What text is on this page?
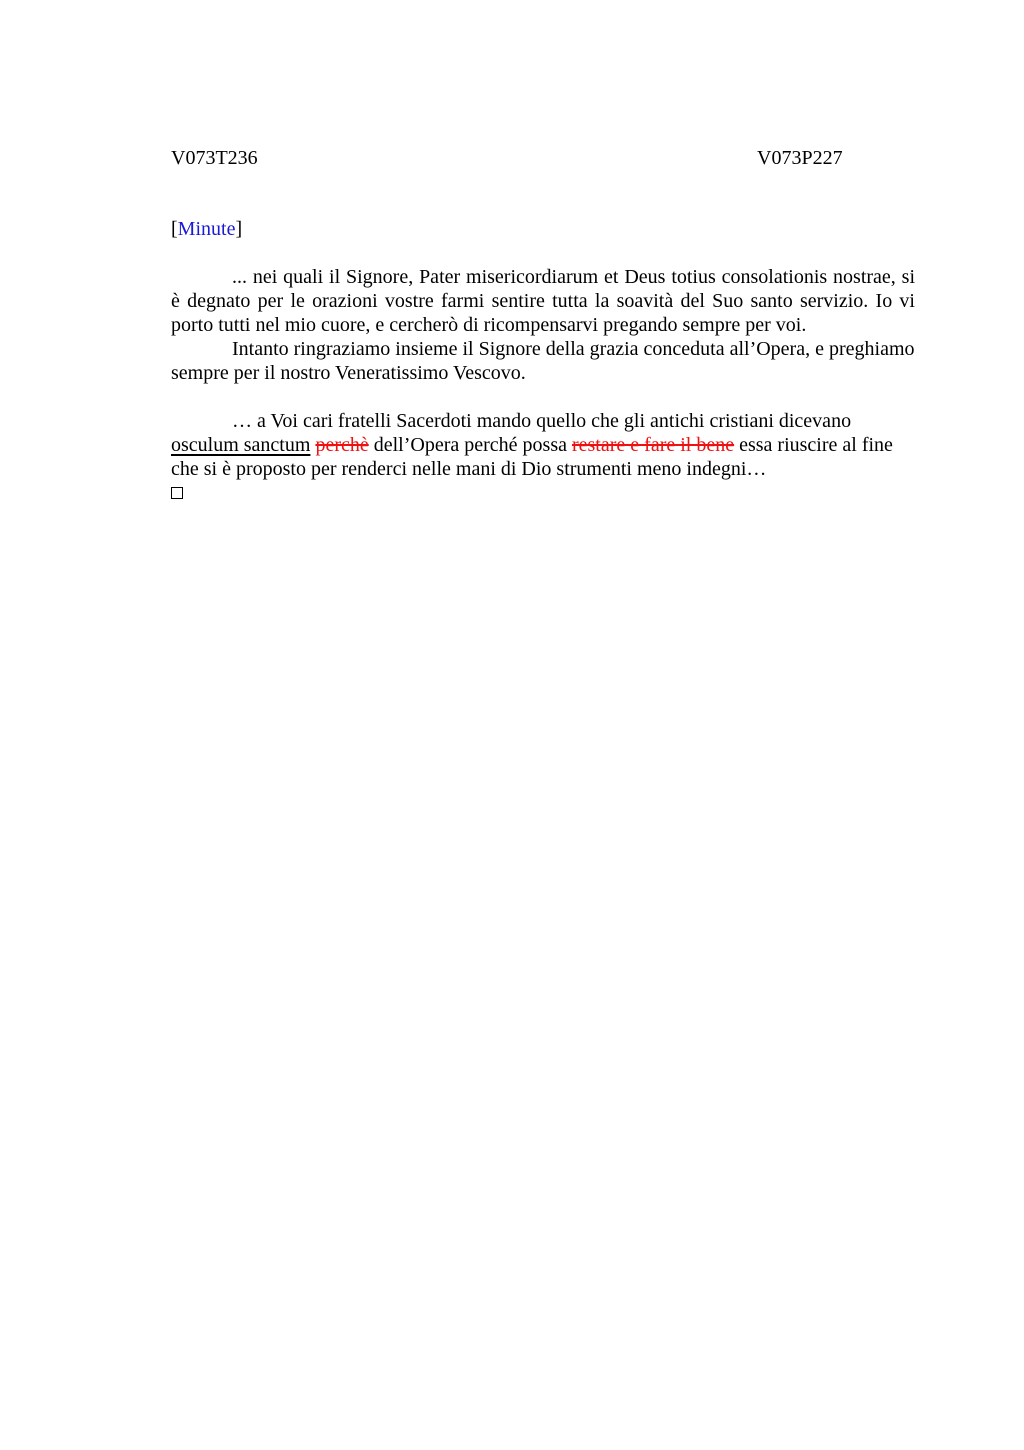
V073T236	V073P227
[Minute]

... nei quali il Signore, Pater misericordiarum et Deus totius consolationis nostrae, si è degnato per le orazioni vostre farmi sentire tutta la soavità del Suo santo servizio. Io vi porto tutti nel mio cuore, e cercherò di ricompensarvi pregando sempre per voi.

Intanto ringraziamo insieme il Signore della grazia conceduta all’Opera, e preghiamo sempre per il nostro Veneratissimo Vescovo.

… a Voi cari fratelli Sacerdoti mando quello che gli antichi cristiani dicevano osculum sanctum perchè dell’Opera perché possa restare e fare il bene essa riuscire al fine che si è proposto per renderci nelle mani di Dio strumenti meno indegni…
